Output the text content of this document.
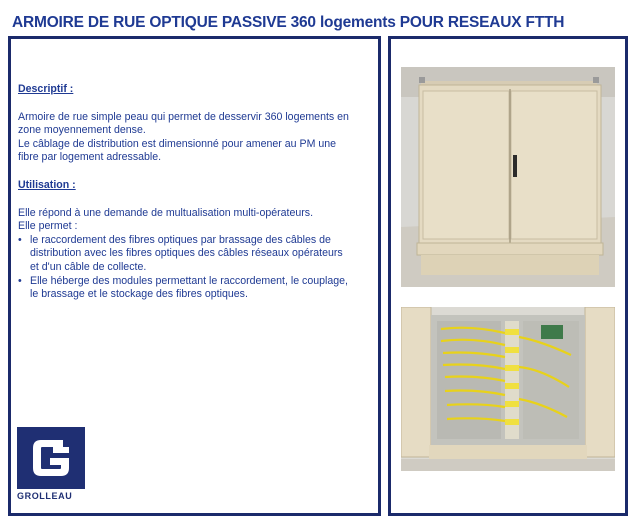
ARMOIRE DE RUE OPTIQUE PASSIVE 360 logements POUR RESEAUX FTTH

Descriptif :

Armoire de rue simple peau qui permet de desservir 360 logements en
zone moyennement dense.
Le câblage de distribution est dimensionné pour amener au PM une
fibre par logement adressable.

Utilisation :

Elle répond à une demande de multualisation multi-opérateurs.
Elle permet :
• le raccordement des fibres optiques par brassage des câbles de
distribution avec les fibres optiques des câbles réseaux opérateurs
et d'un câble de collecte.
• Elle héberge des modules permettant le raccordement, le couplage,
le brassage et le stockage des fibres optiques.
GROLLEAU
